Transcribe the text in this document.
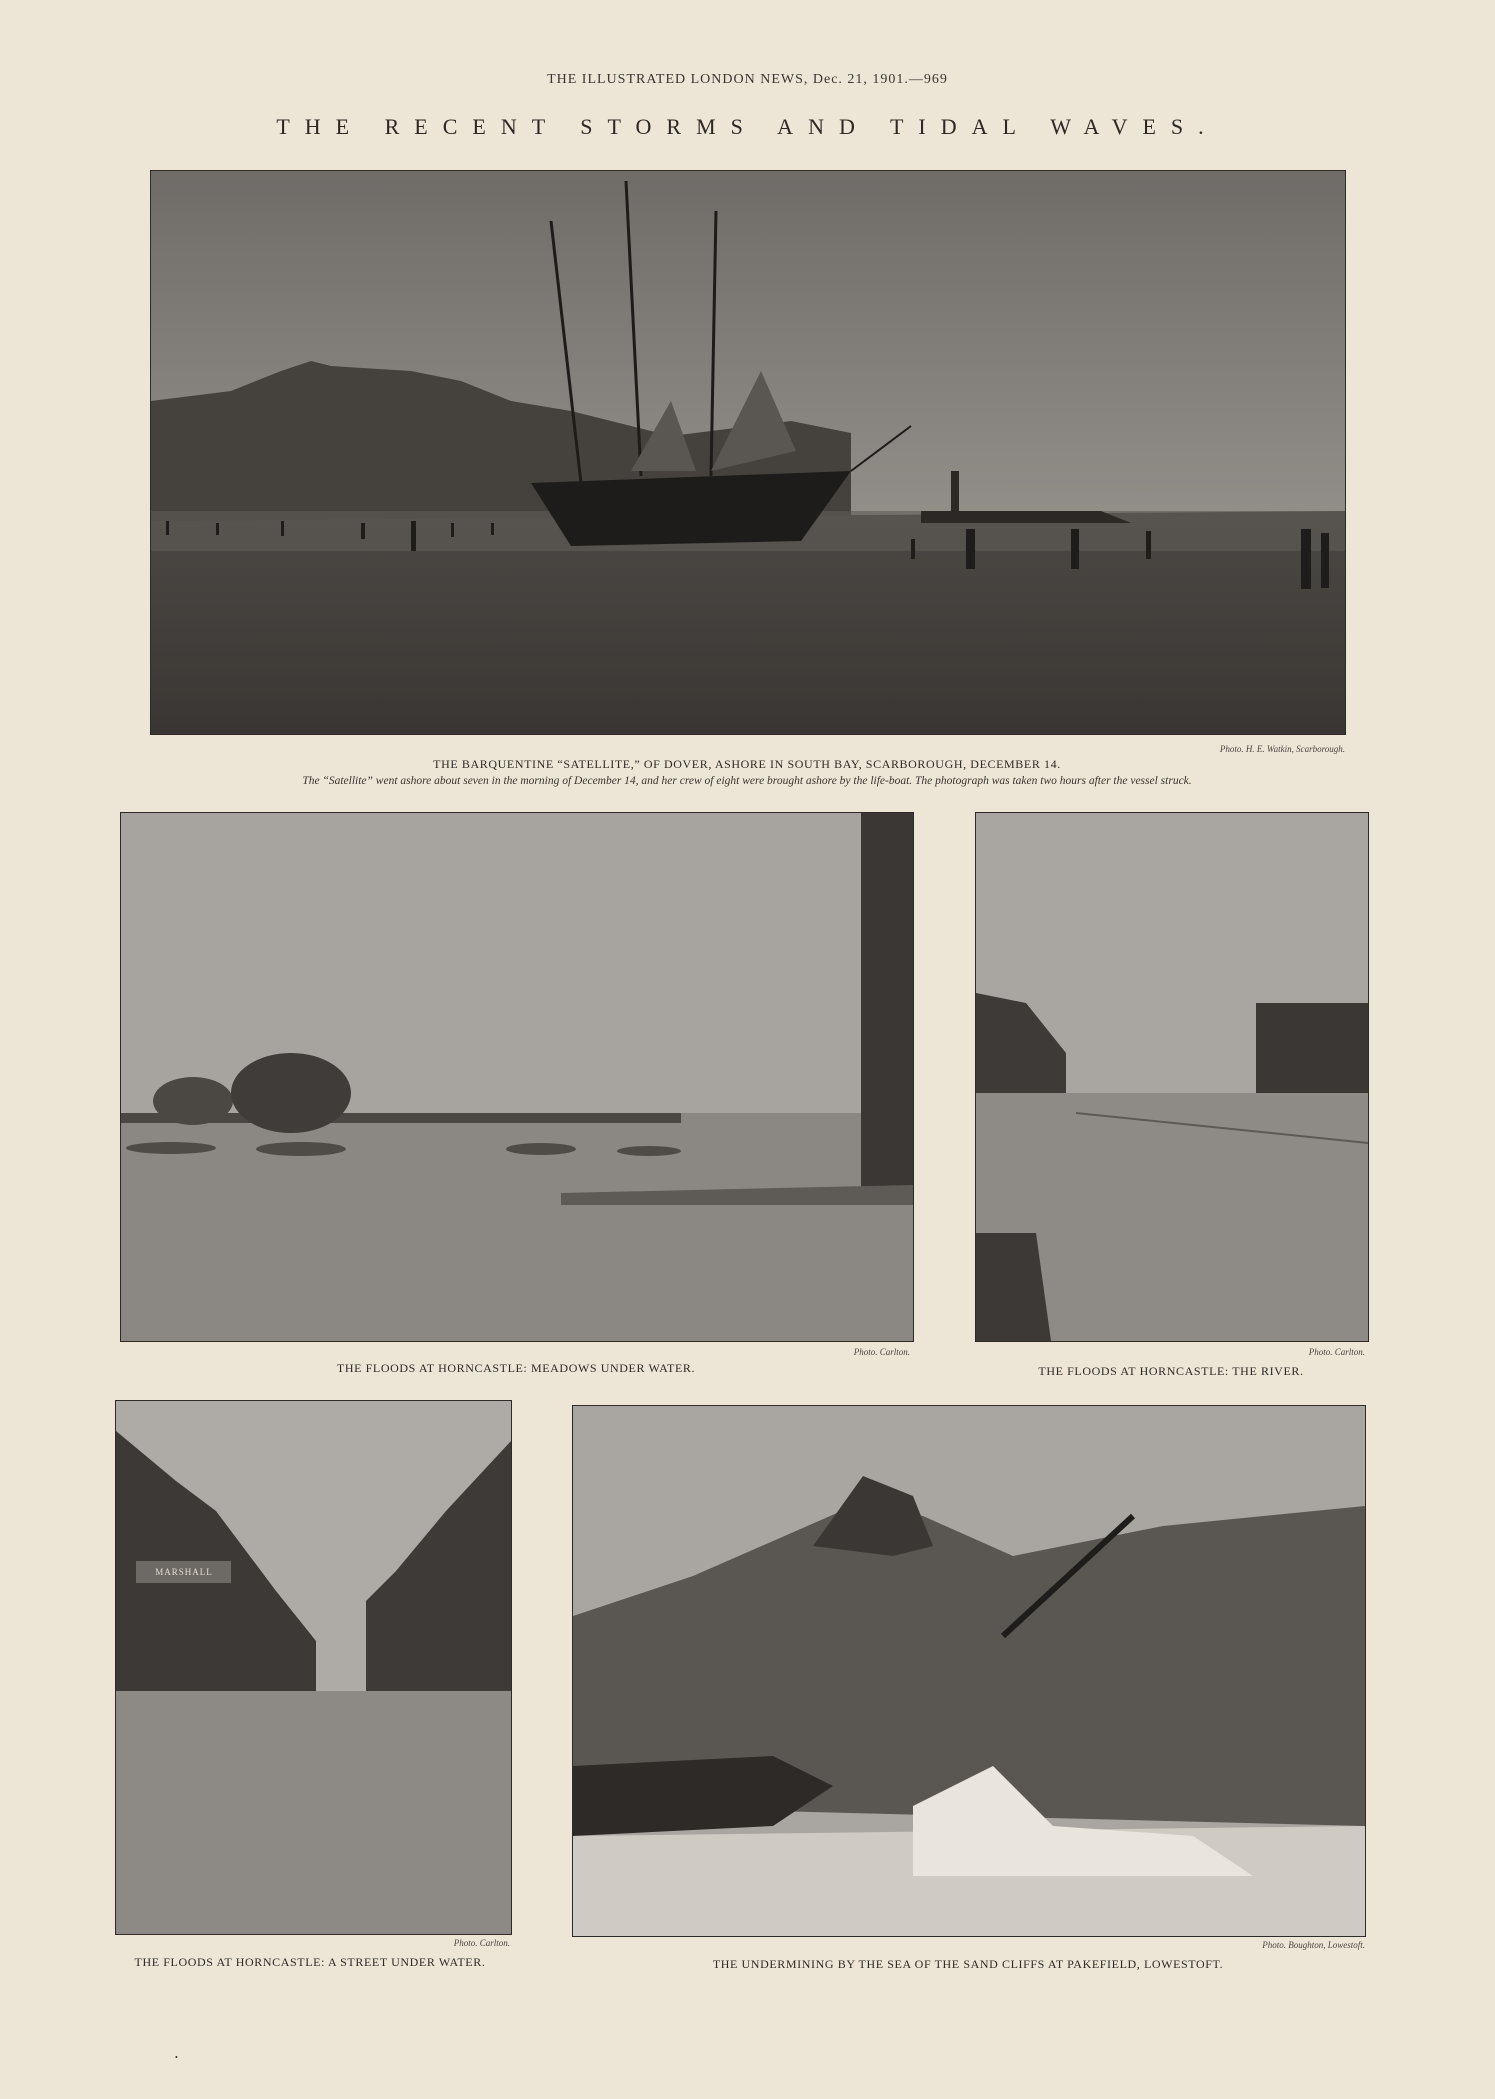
THE ILLUSTRATED LONDON NEWS, Dec. 21, 1901.—969
THE RECENT STORMS AND TIDAL WAVES.
Photo. H. E. Watkin, Scarborough.
THE BARQUENTINE “SATELLITE,” OF DOVER, ASHORE IN SOUTH BAY, SCARBOROUGH, DECEMBER 14.
The “Satellite” went ashore about seven in the morning of December 14, and her crew of eight were brought ashore by the life-boat. The photograph was taken two hours after the vessel struck.
Photo. Carlton.
THE FLOODS AT HORNCASTLE: MEADOWS UNDER WATER.
Photo. Carlton.
THE FLOODS AT HORNCASTLE: THE RIVER.
MARSHALL
Photo. Carlton.
THE FLOODS AT HORNCASTLE: A STREET UNDER WATER.
Photo. Boughton, Lowestoft.
THE UNDERMINING BY THE SEA OF THE SAND CLIFFS AT PAKEFIELD, LOWESTOFT.
•
